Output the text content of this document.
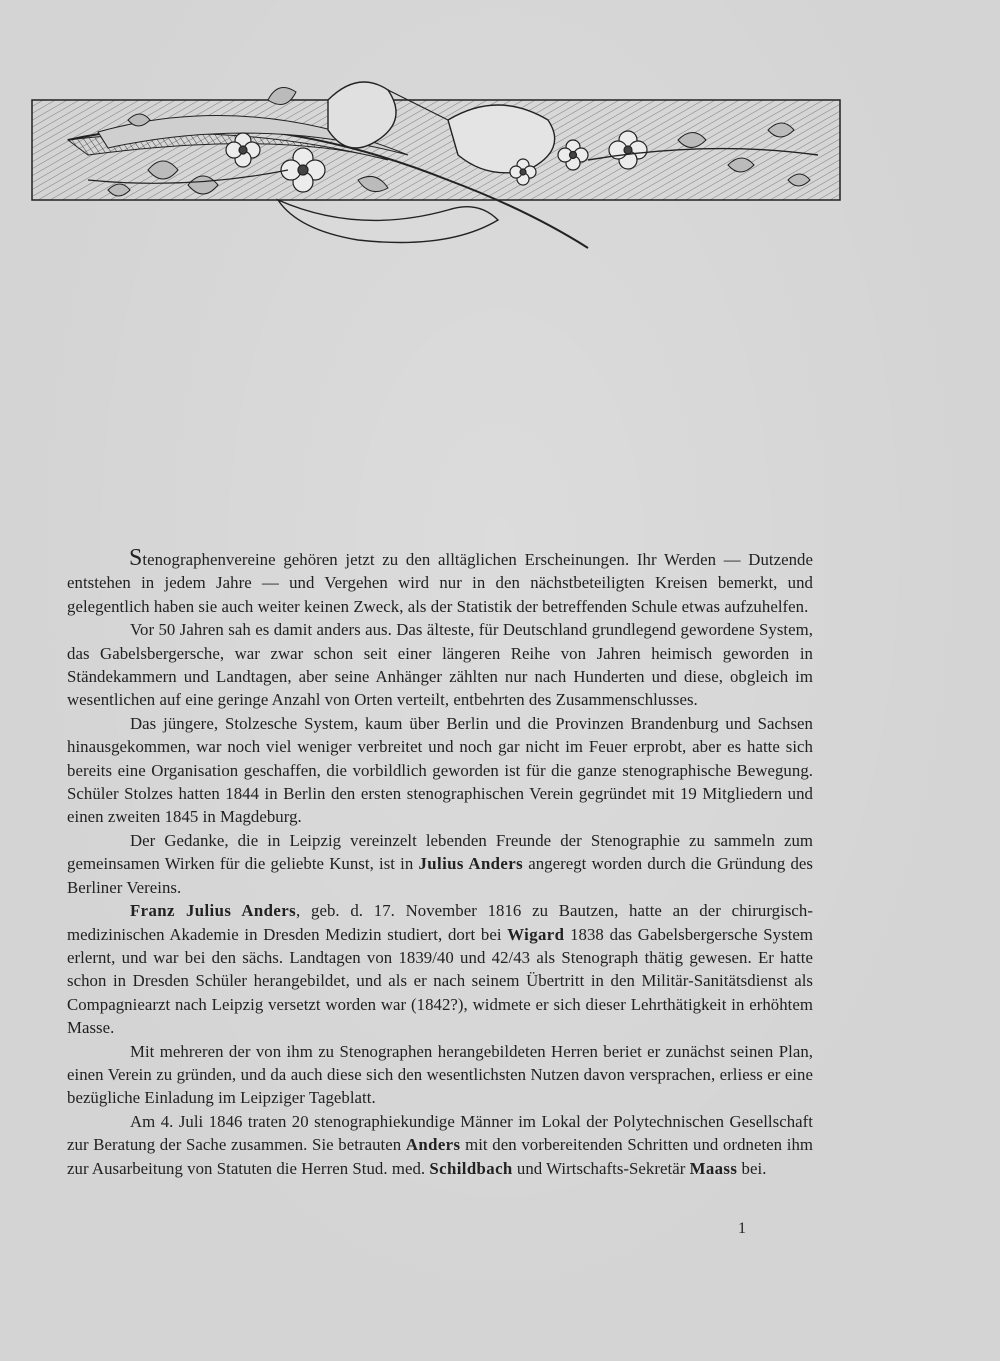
Stenographenvereine gehören jetzt zu den alltäglichen Erscheinungen. Ihr Werden — Dutzende entstehen in jedem Jahre — und Vergehen wird nur in den nächstbeteiligten Kreisen bemerkt, und gelegentlich haben sie auch weiter keinen Zweck, als der Statistik der betreffenden Schule etwas aufzuhelfen.

Vor 50 Jahren sah es damit anders aus. Das älteste, für Deutschland grundlegend gewordene System, das Gabelsbergersche, war zwar schon seit einer längeren Reihe von Jahren heimisch geworden in Ständekammern und Landtagen, aber seine Anhänger zählten nur nach Hunderten und diese, obgleich im wesentlichen auf eine geringe Anzahl von Orten verteilt, entbehrten des Zusammenschlusses.

Das jüngere, Stolzesche System, kaum über Berlin und die Provinzen Brandenburg und Sachsen hinausgekommen, war noch viel weniger verbreitet und noch gar nicht im Feuer erprobt, aber es hatte sich bereits eine Organisation geschaffen, die vorbildlich geworden ist für die ganze stenographische Bewegung. Schüler Stolzes hatten 1844 in Berlin den ersten stenographischen Verein gegründet mit 19 Mitgliedern und einen zweiten 1845 in Magdeburg.

Der Gedanke, die in Leipzig vereinzelt lebenden Freunde der Stenographie zu sammeln zum gemeinsamen Wirken für die geliebte Kunst, ist in Julius Anders angeregt worden durch die Gründung des Berliner Vereins.

Franz Julius Anders, geb. d. 17. November 1816 zu Bautzen, hatte an der chirurgisch-medizinischen Akademie in Dresden Medizin studiert, dort bei Wigard 1838 das Gabelsbergersche System erlernt, und war bei den sächs. Landtagen von 1839/40 und 42/43 als Stenograph thätig gewesen. Er hatte schon in Dresden Schüler herangebildet, und als er nach seinem Übertritt in den Militär-Sanitätsdienst als Compagniearzt nach Leipzig versetzt worden war (1842?), widmete er sich dieser Lehrthätigkeit in erhöhtem Masse.

Mit mehreren der von ihm zu Stenographen herangebildeten Herren beriet er zunächst seinen Plan, einen Verein zu gründen, und da auch diese sich den wesentlichsten Nutzen davon versprachen, erliess er eine bezügliche Einladung im Leipziger Tageblatt.

Am 4. Juli 1846 traten 20 stenographiekundige Männer im Lokal der Polytechnischen Gesellschaft zur Beratung der Sache zusammen. Sie betrauten Anders mit den vorbereitenden Schritten und ordneten ihm zur Ausarbeitung von Statuten die Herren Stud. med. Schildbach und Wirtschafts-Sekretär Maass bei.

1
